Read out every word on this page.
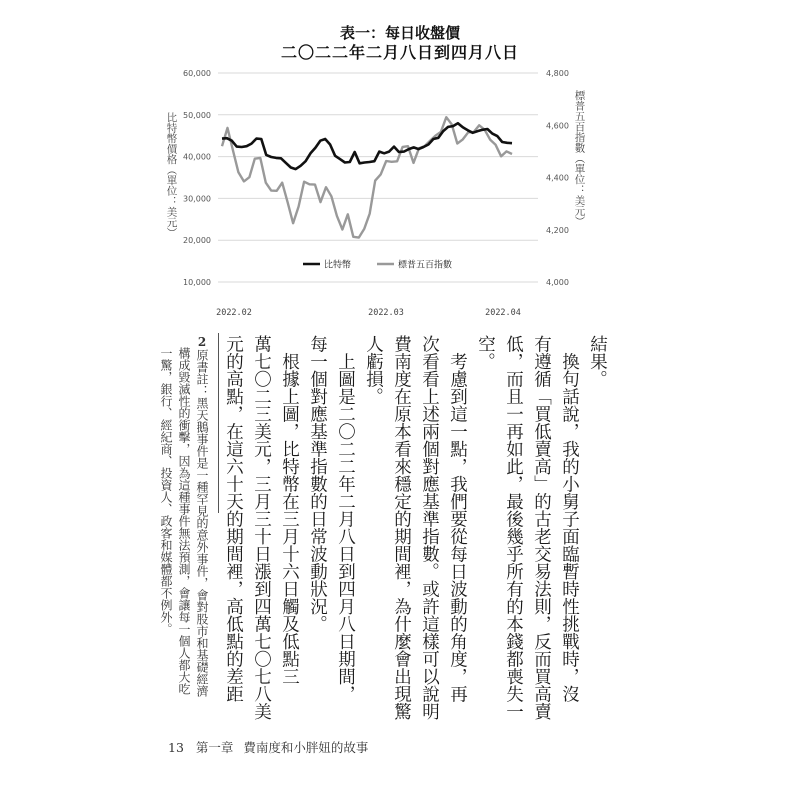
表一：每日收盤價
二〇二二年二月八日到四月八日
10,000
20,000
30,000
40,000
50,000
60,000
4,000
4,200
4,400
4,600
4,800
2022.02	2022.03	2022.04
比特幣	標普五百指數
比特幣價格（單位：美元）	標普五百指數（單位：美元）
結果。
　換句話說，我的小舅子面臨暫時性挑戰時，沒
有遵循「買低賣高」的古老交易法則，反而買高賣
低，而且一再如此，最後幾乎所有的本錢都喪失一
空。
　考慮到這一點，我們要從每日波動的角度，再
次看看上述兩個對應基準指數。或許這樣可以說明
費南度在原本看來穩定的期間裡，為什麼會出現驚
人虧損。
　上圖是二〇二二年二月八日到四月八日期間，
每一個對應基準指數的日常波動狀況。
　根據上圖，比特幣在三月十六日觸及低點三
萬七〇二三美元，三月三十日漲到四萬七〇七八美
元的高點，在這六十天的期間裡，高低點的差距
2原書註：黑天鵝事件是一種罕見的意外事件，會對股市和基礎經濟
構成毀滅性的衝擊，因為這種事件無法預測，會讓每一個人都大吃
一驚，銀行、經紀商、投資人、政客和媒體都不例外。
13 第一章 費南度和小胖妞的故事
